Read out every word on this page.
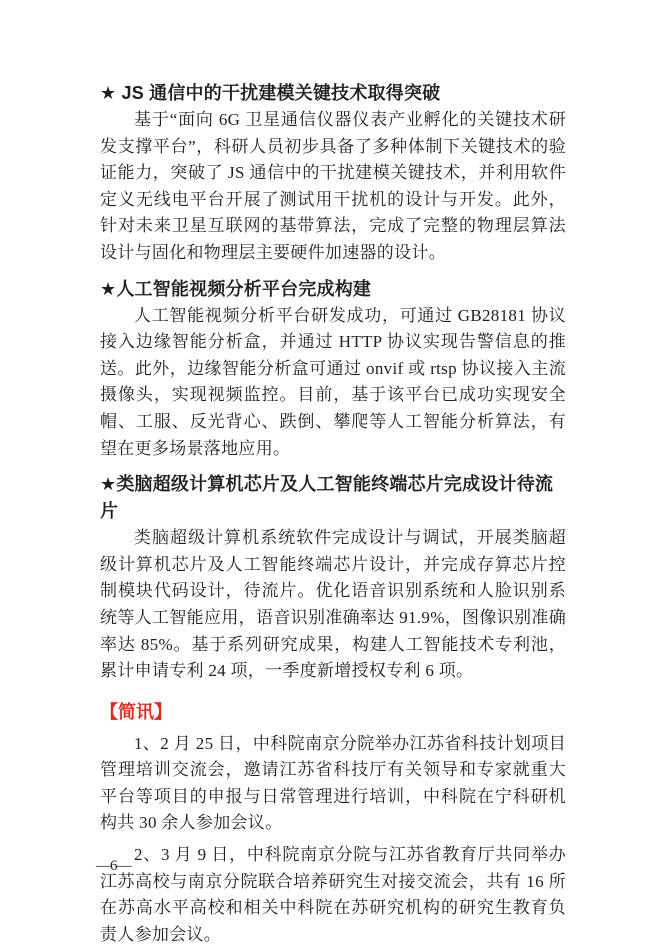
★ JS 通信中的干扰建模关键技术取得突破

基于“面向 6G 卫星通信仪器仪表产业孵化的关键技术研发支撑平台”，科研人员初步具备了多种体制下关键技术的验证能力，突破了 JS 通信中的干扰建模关键技术，并利用软件定义无线电平台开展了测试用干扰机的设计与开发。此外，针对未来卫星互联网的基带算法，完成了完整的物理层算法设计与固化和物理层主要硬件加速器的设计。

★人工智能视频分析平台完成构建

人工智能视频分析平台研发成功，可通过 GB28181 协议接入边缘智能分析盒，并通过 HTTP 协议实现告警信息的推送。此外，边缘智能分析盒可通过 onvif 或 rtsp 协议接入主流摄像头，实现视频监控。目前，基于该平台已成功实现安全帽、工服、反光背心、跌倒、攀爬等人工智能分析算法，有望在更多场景落地应用。

★类脑超级计算机芯片及人工智能终端芯片完成设计待流片

类脑超级计算机系统软件完成设计与调试，开展类脑超级计算机芯片及人工智能终端芯片设计，并完成存算芯片控制模块代码设计，待流片。优化语音识别系统和人脸识别系统等人工智能应用，语音识别准确率达 91.9%，图像识别准确率达 85%。基于系列研究成果，构建人工智能技术专利池，累计申请专利 24 项，一季度新增授权专利 6 项。

【简讯】

1、2 月 25 日，中科院南京分院举办江苏省科技计划项目管理培训交流会，邀请江苏省科技厅有关领导和专家就重大平台等项目的申报与日常管理进行培训，中科院在宁科研机构共 30 余人参加会议。

2、3 月 9 日，中科院南京分院与江苏省教育厅共同举办江苏高校与南京分院联合培养研究生对接交流会，共有 16 所在苏高水平高校和相关中科院在苏研究机构的研究生教育负责人参加会议。

—6—
